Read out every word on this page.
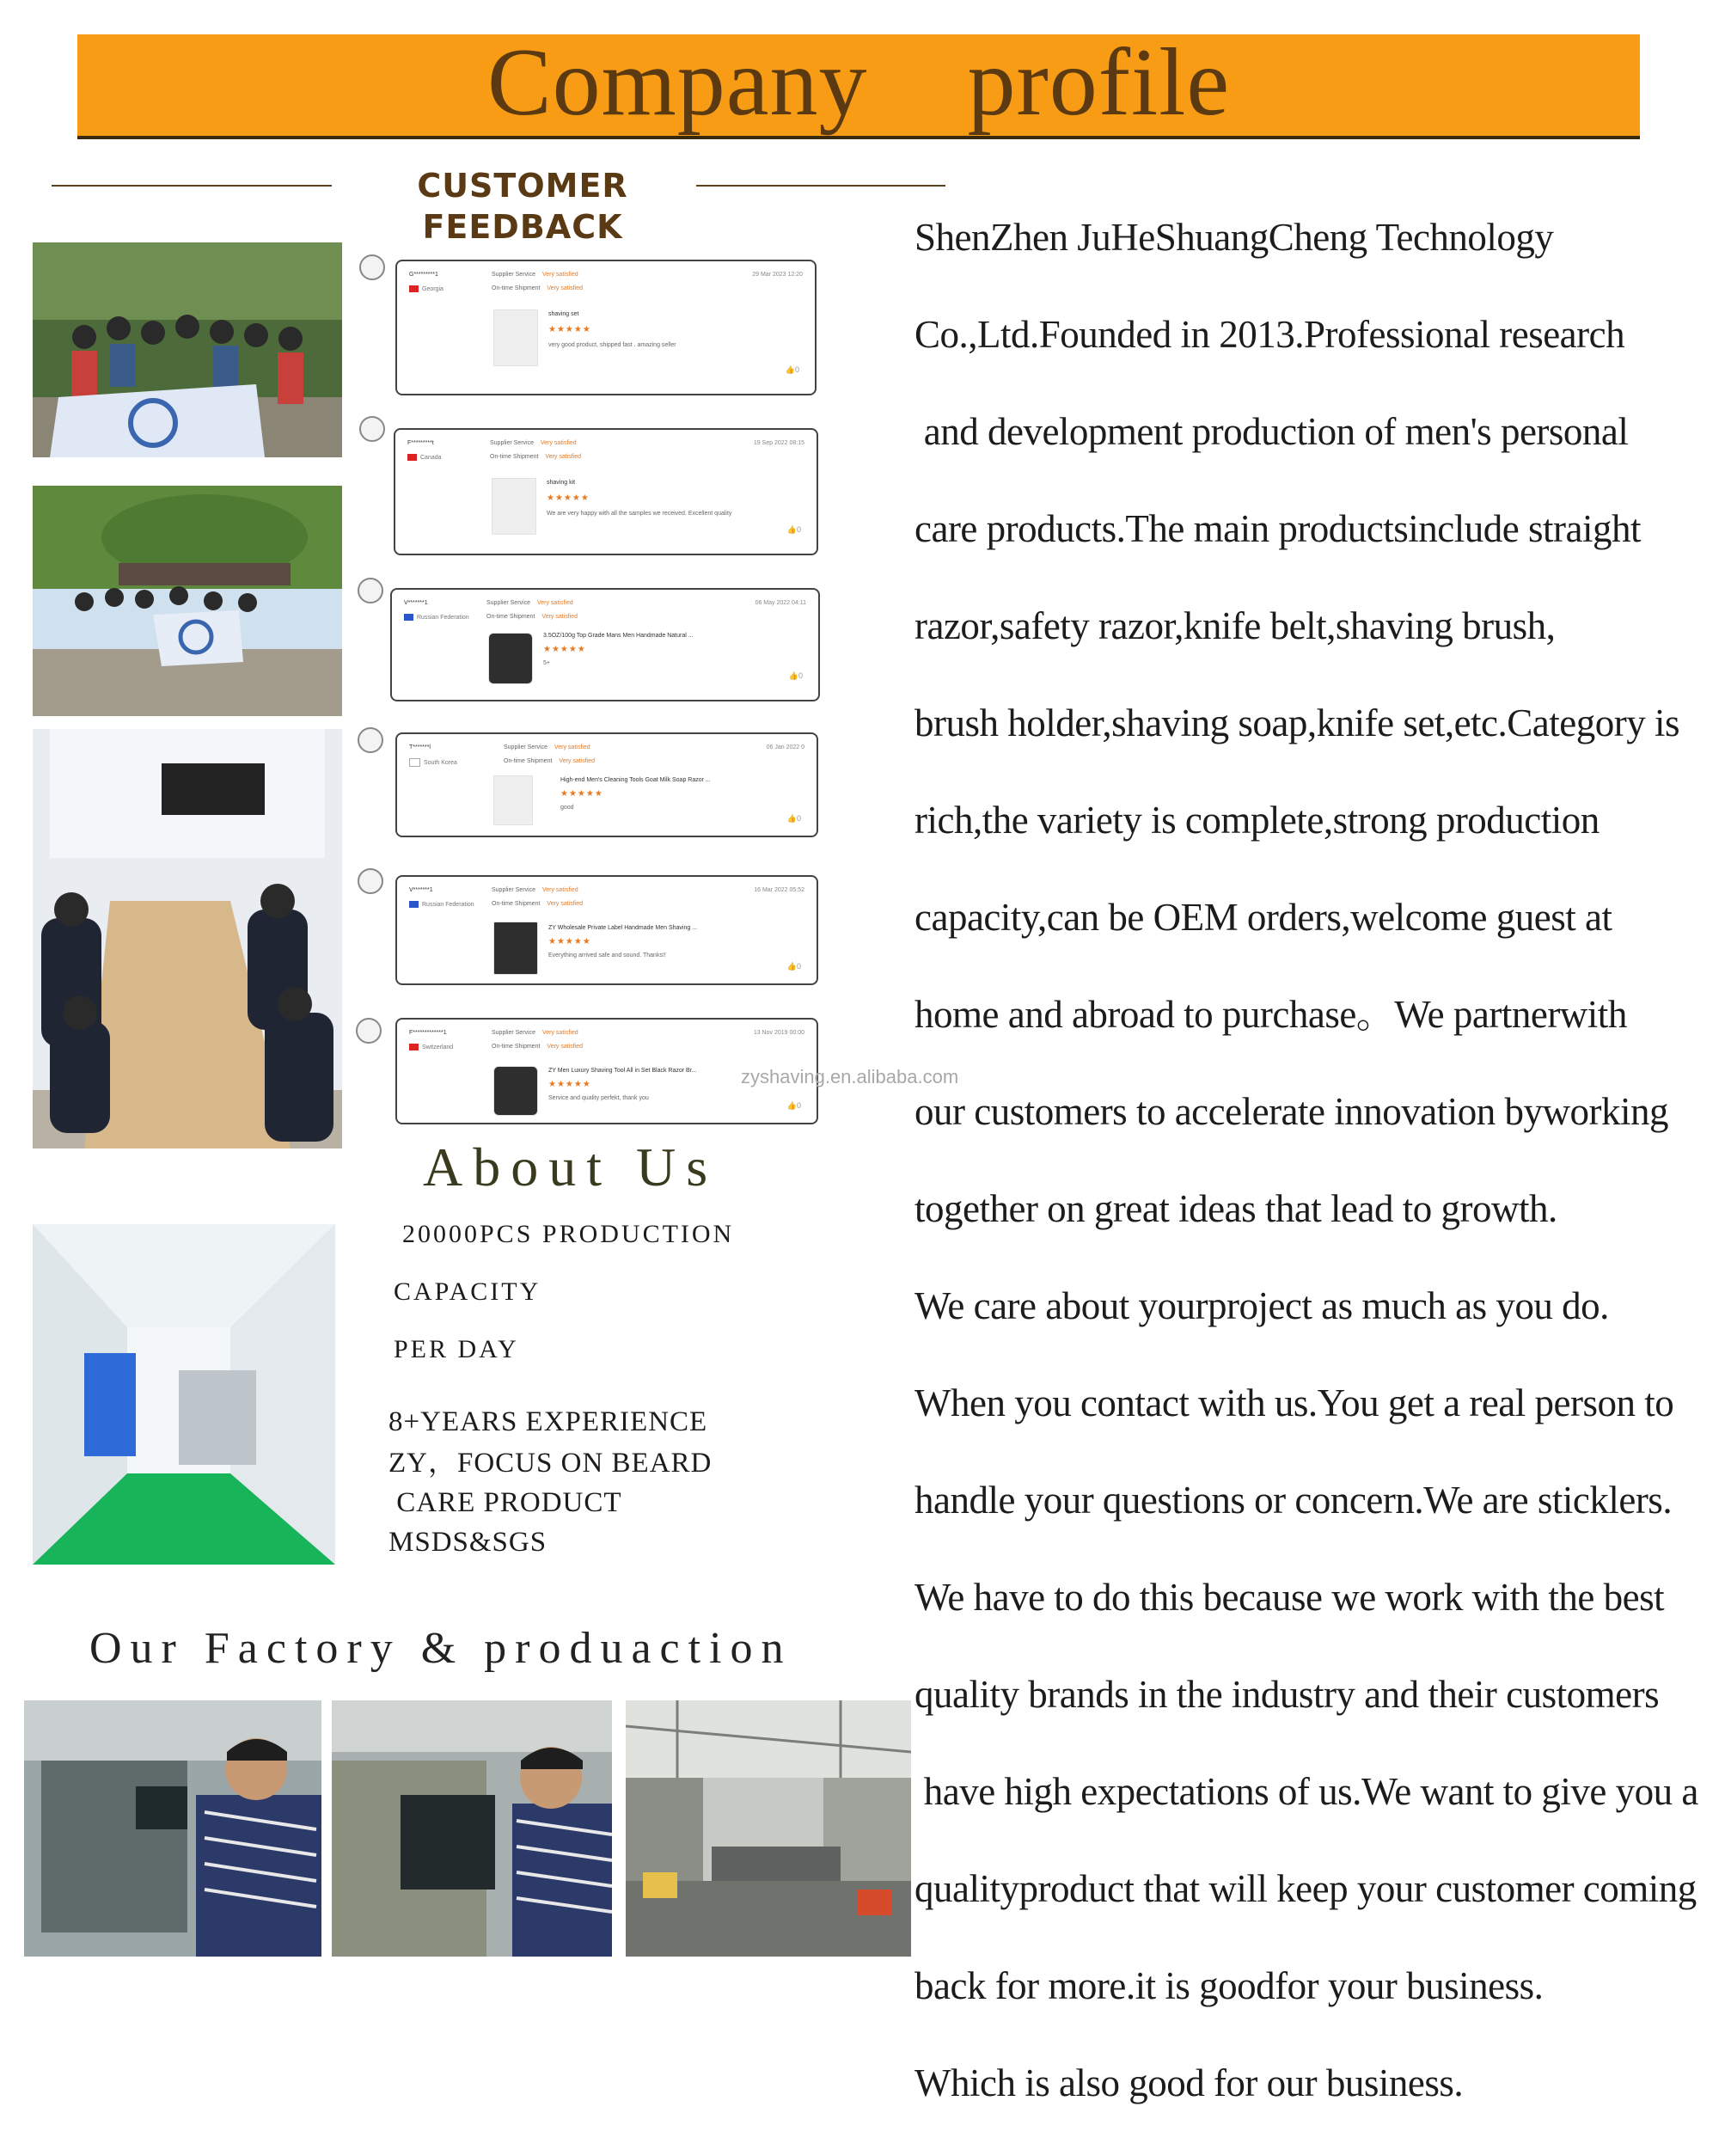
Company    profile
CUSTOMER FEEDBACK
G*********1
Georgia
Supplier Service Very satisfied
On-time Shipment Very satisfied
29 Mar 2023 12:20
shaving set
★★★★★
very good product, shipped fast . amazing seller
👍0
F*********t
Canada
Supplier Service Very satisfied
On-time Shipment Very satisfied
19 Sep 2022 08:15
shaving kit
★★★★★
We are very happy with all the samples we received. Excellent quality
👍0
V*******1
Russian Federation
Supplier Service Very satisfied
On-time Shipment Very satisfied
06 May 2022 04:11
3.5OZ/100g Top Grade Mans Men Handmade Natural ...
★★★★★
5+
👍0
T*******l
South Korea
Supplier Service Very satisfied
On-time Shipment Very satisfied
06 Jan 2022 0
High-end Men's Cleaning Tools Goat Milk Soap Razor ...
★★★★★
good
👍0
V*******1
Russian Federation
Supplier Service Very satisfied
On-time Shipment Very satisfied
16 Mar 2022 05:52
ZY Wholesale Private Label Handmade Men Shaving ...
★★★★★
Everything arrived safe and sound. Thanks!!
👍0
F*************1
Switzerland
Supplier Service Very satisfied
On-time Shipment Very satisfied
13 Nov 2019 00:00
ZY Men Luxury Shaving Tool All in Set Black Razor Br...
★★★★★
Service and quality perfekt, thank you
👍0
zyshaving.en.alibaba.com
About Us
20000PCS PRODUCTION
CAPACITY
PER DAY
8+YEARS EXPERIENCE
ZY，FOCUS ON BEARD
CARE PRODUCT
MSDS&SGS
Our Factory & produaction
ShenZhen JuHeShuangCheng Technology
Co.,Ltd.Founded in 2013.Professional research
and development production of men's personal
care products.The main productsinclude straight
razor,safety razor,knife belt,shaving brush,
brush holder,shaving soap,knife set,etc.Category is
rich,the variety is complete,strong production
capacity,can be OEM orders,welcome guest at
home and abroad to purchase。We partnerwith
our customers to accelerate innovation byworking
together on great ideas that lead to growth.
We care about yourproject as much as you do.
When you contact with us.You get a real person to
handle your questions or concern.We are sticklers.
We have to do this because we work with the best
quality brands in the industry and their customers
have high expectations of us.We want to give you a
qualityproduct that will keep your customer coming
back for more.it is goodfor your business.
Which is also good for our business.
